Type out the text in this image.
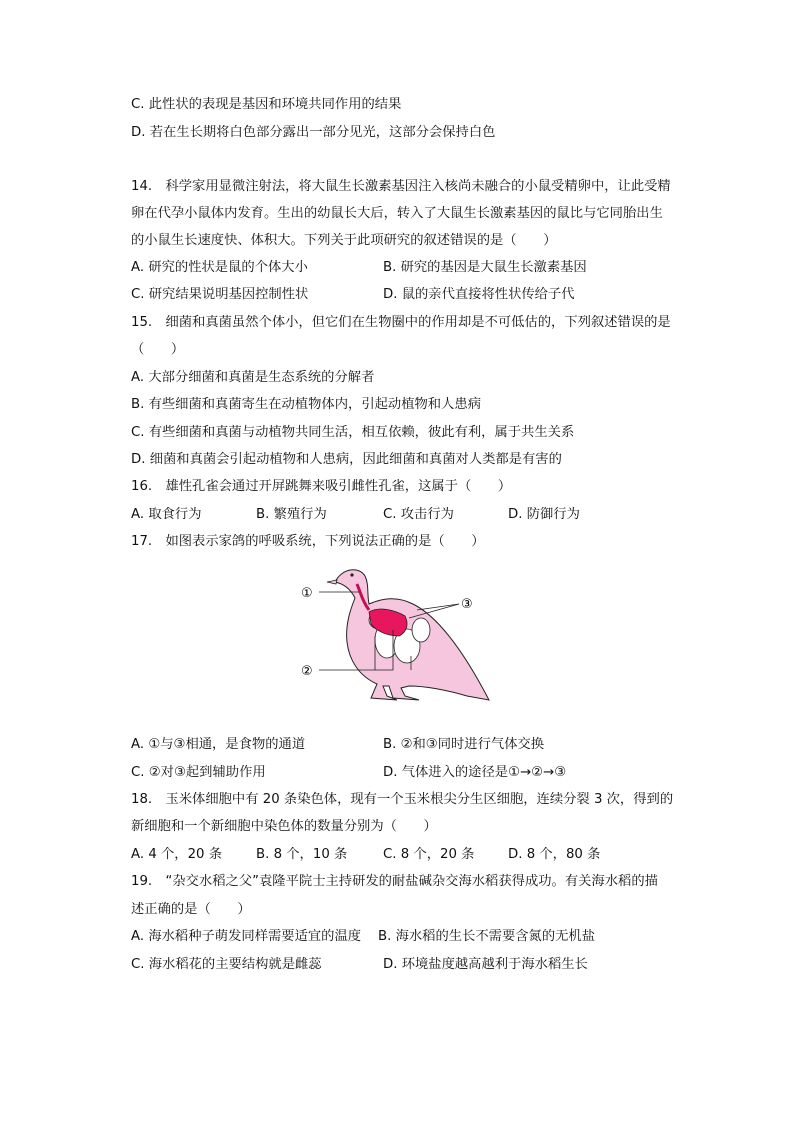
C. 此性状的表现是基因和环境共同作用的结果
D. 若在生长期将白色部分露出一部分见光，这部分会保持白色
14.　科学家用显微注射法，将大鼠生长激素基因注入核尚未融合的小鼠受精卵中，让此受精
卵在代孕小鼠体内发育。生出的幼鼠长大后，转入了大鼠生长激素基因的鼠比与它同胎出生
的小鼠生长速度快、体积大。下列关于此项研究的叙述错误的是（　　）
A. 研究的性状是鼠的个体大小	B. 研究的基因是大鼠生长激素基因
C. 研究结果说明基因控制性状	D. 鼠的亲代直接将性状传给子代
15.　细菌和真菌虽然个体小，但它们在生物圈中的作用却是不可低估的，下列叙述错误的是
（　　）
A. 大部分细菌和真菌是生态系统的分解者
B. 有些细菌和真菌寄生在动植物体内，引起动植物和人患病
C. 有些细菌和真菌与动植物共同生活，相互依赖，彼此有利，属于共生关系
D. 细菌和真菌会引起动植物和人患病，因此细菌和真菌对人类都是有害的
16.　雄性孔雀会通过开屏跳舞来吸引雌性孔雀，这属于（　　）
A. 取食行为	B. 繁殖行为	C. 攻击行为	D. 防御行为
17.　如图表示家鸽的呼吸系统，下列说法正确的是（　　）
①
②
③
A. ①与③相通，是食物的通道	B. ②和③同时进行气体交换
C. ②对③起到辅助作用	D. 气体进入的途径是①→②→③
18.　玉米体细胞中有 20 条染色体，现有一个玉米根尖分生区细胞，连续分裂 3 次，得到的
新细胞和一个新细胞中染色体的数量分别为（　　）
A. 4 个，20 条	B. 8 个，10 条	C. 8 个，20 条	D. 8 个，80 条
19.　“杂交水稻之父”袁隆平院士主持研发的耐盐碱杂交海水稻获得成功。有关海水稻的描
述正确的是（　　）
A. 海水稻种子萌发同样需要适宜的温度 B. 海水稻的生长不需要含氮的无机盐
C. 海水稻花的主要结构就是雌蕊	D. 环境盐度越高越利于海水稻生长
